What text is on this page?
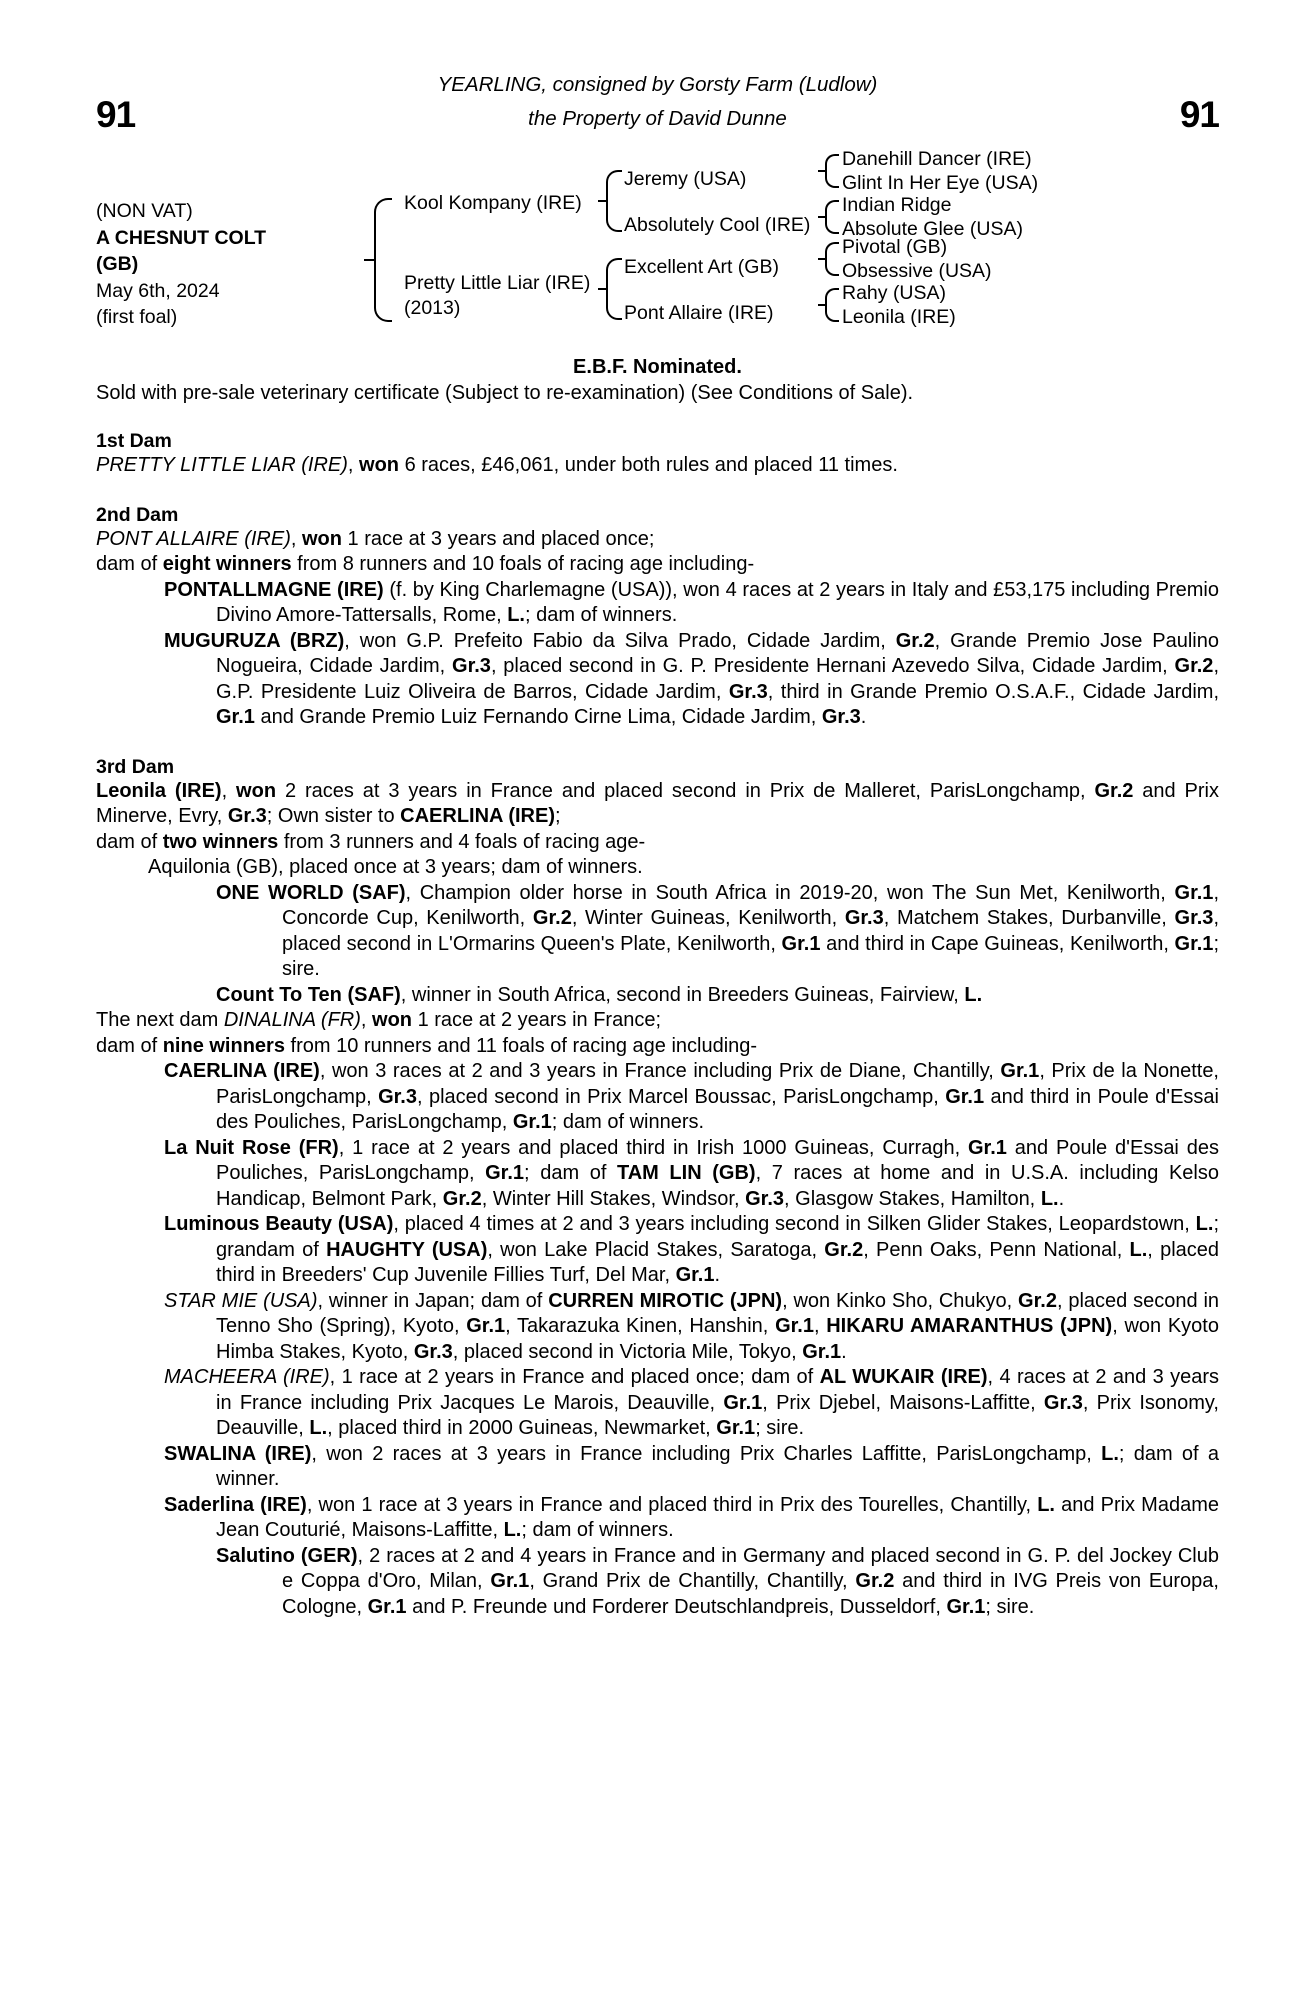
91	91
YEARLING, consigned by Gorsty Farm (Ludlow)
the Property of David Dunne
(NON VAT)
A CHESNUT COLT
(GB)
May 6th, 2024
(first foal)
Kool Kompany (IRE)
Pretty Little Liar (IRE)
(2013)
Jeremy (USA)
Absolutely Cool (IRE)
Excellent Art (GB)
Pont Allaire (IRE)
Danehill Dancer (IRE)
Glint In Her Eye (USA)
Indian Ridge
Absolute Glee (USA)
Pivotal (GB)
Obsessive (USA)
Rahy (USA)
Leonila (IRE)
E.B.F. Nominated.
Sold with pre-sale veterinary certificate (Subject to re-examination) (See Conditions of Sale).
1st Dam

PRETTY LITTLE LIAR (IRE), won 6 races, £46,061, under both rules and placed 11 times.

2nd Dam

PONT ALLAIRE (IRE), won 1 race at 3 years and placed once;

dam of eight winners from 8 runners and 10 foals of racing age including-

PONTALLMAGNE (IRE) (f. by King Charlemagne (USA)), won 4 races at 2 years in Italy and £53,175 including Premio Divino Amore-Tattersalls, Rome, L.; dam of winners.

MUGURUZA (BRZ), won G.P. Prefeito Fabio da Silva Prado, Cidade Jardim, Gr.2, Grande Premio Jose Paulino Nogueira, Cidade Jardim, Gr.3, placed second in G. P. Presidente Hernani Azevedo Silva, Cidade Jardim, Gr.2, G.P. Presidente Luiz Oliveira de Barros, Cidade Jardim, Gr.3, third in Grande Premio O.S.A.F., Cidade Jardim, Gr.1 and Grande Premio Luiz Fernando Cirne Lima, Cidade Jardim, Gr.3.

3rd Dam

Leonila (IRE), won 2 races at 3 years in France and placed second in Prix de Malleret, ParisLongchamp, Gr.2 and Prix Minerve, Evry, Gr.3; Own sister to CAERLINA (IRE);

dam of two winners from 3 runners and 4 foals of racing age-

Aquilonia (GB), placed once at 3 years; dam of winners.

ONE WORLD (SAF), Champion older horse in South Africa in 2019-20, won The Sun Met, Kenilworth, Gr.1, Concorde Cup, Kenilworth, Gr.2, Winter Guineas, Kenilworth, Gr.3, Matchem Stakes, Durbanville, Gr.3, placed second in L'Ormarins Queen's Plate, Kenilworth, Gr.1 and third in Cape Guineas, Kenilworth, Gr.1; sire.

Count To Ten (SAF), winner in South Africa, second in Breeders Guineas, Fairview, L.

The next dam DINALINA (FR), won 1 race at 2 years in France;

dam of nine winners from 10 runners and 11 foals of racing age including-

CAERLINA (IRE), won 3 races at 2 and 3 years in France including Prix de Diane, Chantilly, Gr.1, Prix de la Nonette, ParisLongchamp, Gr.3, placed second in Prix Marcel Boussac, ParisLongchamp, Gr.1 and third in Poule d'Essai des Pouliches, ParisLongchamp, Gr.1; dam of winners.

La Nuit Rose (FR), 1 race at 2 years and placed third in Irish 1000 Guineas, Curragh, Gr.1 and Poule d'Essai des Pouliches, ParisLongchamp, Gr.1; dam of TAM LIN (GB), 7 races at home and in U.S.A. including Kelso Handicap, Belmont Park, Gr.2, Winter Hill Stakes, Windsor, Gr.3, Glasgow Stakes, Hamilton, L..

Luminous Beauty (USA), placed 4 times at 2 and 3 years including second in Silken Glider Stakes, Leopardstown, L.; grandam of HAUGHTY (USA), won Lake Placid Stakes, Saratoga, Gr.2, Penn Oaks, Penn National, L., placed third in Breeders' Cup Juvenile Fillies Turf, Del Mar, Gr.1.

STAR MIE (USA), winner in Japan; dam of CURREN MIROTIC (JPN), won Kinko Sho, Chukyo, Gr.2, placed second in Tenno Sho (Spring), Kyoto, Gr.1, Takarazuka Kinen, Hanshin, Gr.1, HIKARU AMARANTHUS (JPN), won Kyoto Himba Stakes, Kyoto, Gr.3, placed second in Victoria Mile, Tokyo, Gr.1.

MACHEERA (IRE), 1 race at 2 years in France and placed once; dam of AL WUKAIR (IRE), 4 races at 2 and 3 years in France including Prix Jacques Le Marois, Deauville, Gr.1, Prix Djebel, Maisons-Laffitte, Gr.3, Prix Isonomy, Deauville, L., placed third in 2000 Guineas, Newmarket, Gr.1; sire.

SWALINA (IRE), won 2 races at 3 years in France including Prix Charles Laffitte, ParisLongchamp, L.; dam of a winner.

Saderlina (IRE), won 1 race at 3 years in France and placed third in Prix des Tourelles, Chantilly, L. and Prix Madame Jean Couturié, Maisons-Laffitte, L.; dam of winners.

Salutino (GER), 2 races at 2 and 4 years in France and in Germany and placed second in G. P. del Jockey Club e Coppa d'Oro, Milan, Gr.1, Grand Prix de Chantilly, Chantilly, Gr.2 and third in IVG Preis von Europa, Cologne, Gr.1 and P. Freunde und Forderer Deutschlandpreis, Dusseldorf, Gr.1; sire.
